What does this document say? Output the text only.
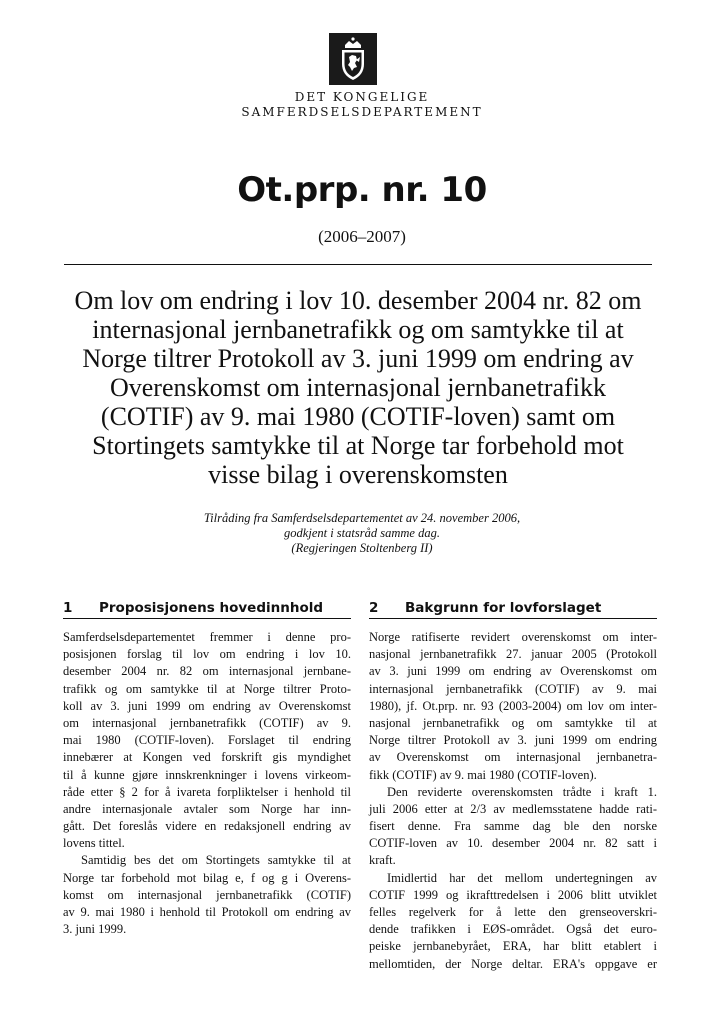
DET KONGELIGE
SAMFERDSELSDEPARTEMENT
Ot.prp. nr. 10
(2006–2007)
Om lov om endring i lov 10. desember 2004 nr. 82 om
internasjonal jernbanetrafikk og om samtykke til at
Norge tiltrer Protokoll av 3. juni 1999 om endring av
Overenskomst om internasjonal jernbanetrafikk
(COTIF) av 9. mai 1980 (COTIF-loven) samt om
Stortingets samtykke til at Norge tar forbehold mot
visse bilag i overenskomsten
Tilråding fra Samferdselsdepartementet av 24. november 2006,
godkjent i statsråd samme dag.
(Regjeringen Stoltenberg II)
1 Proposisjonens hovedinnhold
Samferdselsdepartementet fremmer i denne pro-
posisjonen forslag til lov om endring i lov 10.
desember 2004 nr. 82 om internasjonal jernbane-
trafikk og om samtykke til at Norge tiltrer Proto-
koll av 3. juni 1999 om endring av Overenskomst
om internasjonal jernbanetrafikk (COTIF) av 9.
mai 1980 (COTIF-loven). Forslaget til endring
innebærer at Kongen ved forskrift gis myndighet
til å kunne gjøre innskrenkninger i lovens virkeom-
råde etter § 2 for å ivareta forpliktelser i henhold til
andre internasjonale avtaler som Norge har inn-
gått. Det foreslås videre en redaksjonell endring av
lovens tittel.
Samtidig bes det om Stortingets samtykke til at
Norge tar forbehold mot bilag e, f og g i Overens-
komst om internasjonal jernbanetrafikk (COTIF)
av 9. mai 1980 i henhold til Protokoll om endring av
3. juni 1999.
2 Bakgrunn for lovforslaget
Norge ratifiserte revidert overenskomst om inter-
nasjonal jernbanetrafikk 27. januar 2005 (Protokoll
av 3. juni 1999 om endring av Overenskomst om
internasjonal jernbanetrafikk (COTIF) av 9. mai
1980), jf. Ot.prp. nr. 93 (2003-2004) om lov om inter-
nasjonal jernbanetrafikk og om samtykke til at
Norge tiltrer Protokoll av 3. juni 1999 om endring
av Overenskomst om internasjonal jernbanetra-
fikk (COTIF) av 9. mai 1980 (COTIF-loven).
Den reviderte overenskomsten trådte i kraft 1.
juli 2006 etter at 2/3 av medlemsstatene hadde rati-
fisert denne. Fra samme dag ble den norske
COTIF-loven av 10. desember 2004 nr. 82 satt i
kraft.
Imidlertid har det mellom undertegningen av
COTIF 1999 og ikrafttredelsen i 2006 blitt utviklet
felles regelverk for å lette den grenseoverskri-
dende trafikken i EØS-området. Også det euro-
peiske jernbanebyrået, ERA, har blitt etablert i
mellomtiden, der Norge deltar. ERA's oppgave er
